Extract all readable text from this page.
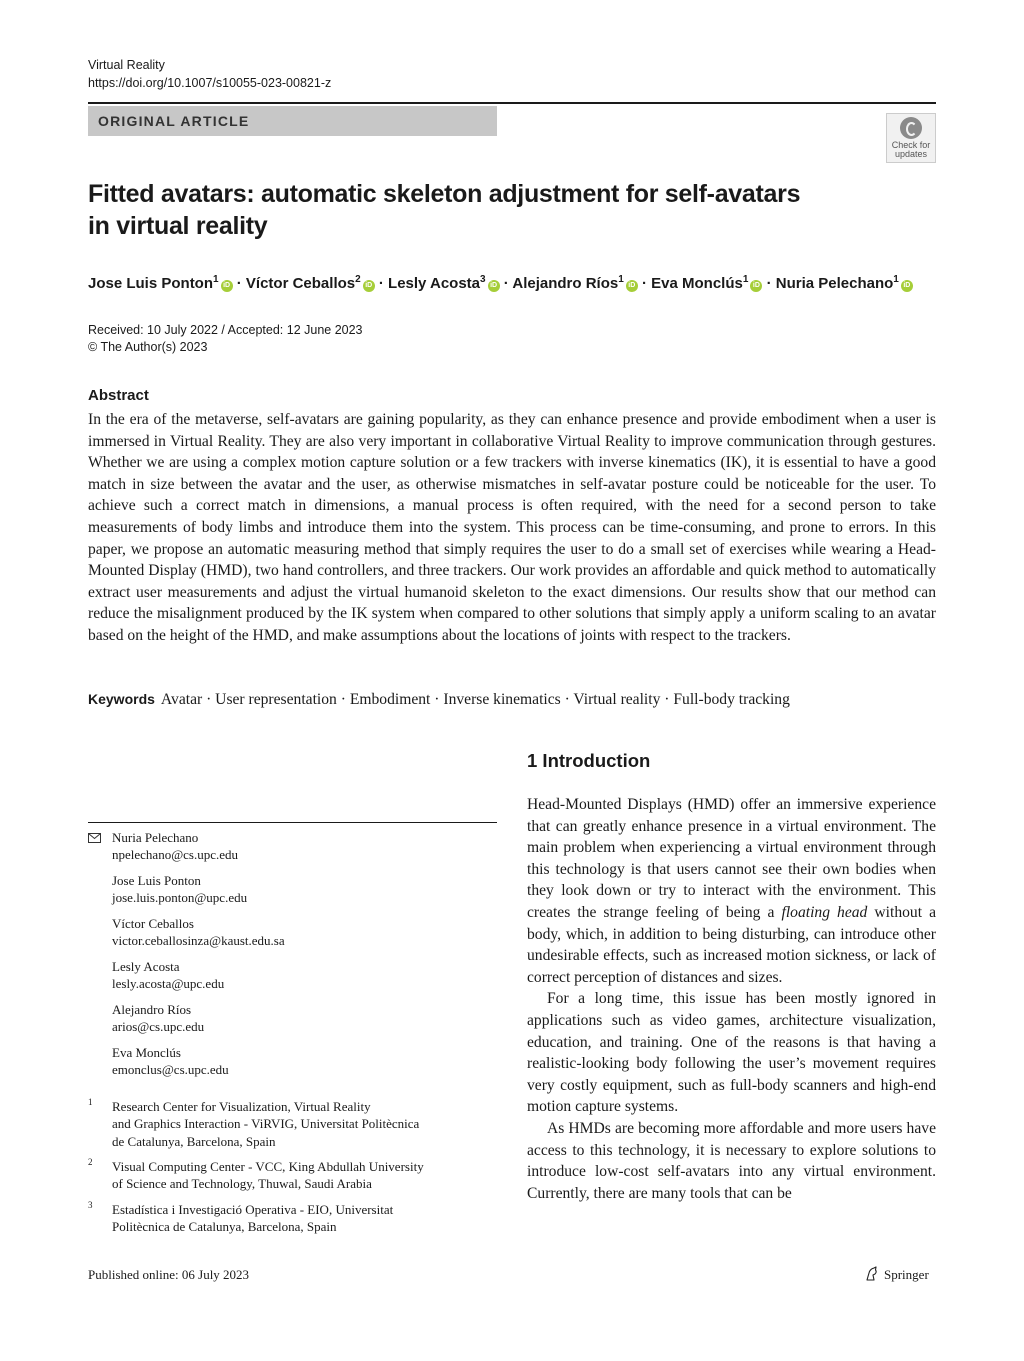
Virtual Reality
https://doi.org/10.1007/s10055-023-00821-z
ORIGINAL ARTICLE
Check for
updates
Fitted avatars: automatic skeleton adjustment for self-avatars
in virtual reality
Jose Luis Ponton$^1$iD · Víctor Ceballos$^2$iD · Lesly Acosta$^3$iD · Alejandro Ríos$^1$iD · Eva Monclús$^1$iD · Nuria Pelechano$^1$iD
Received: 10 July 2022 / Accepted: 12 June 2023
© The Author(s) 2023
Abstract
In the era of the metaverse, self-avatars are gaining popularity, as they can enhance presence and provide embodiment when a user is immersed in Virtual Reality. They are also very important in collaborative Virtual Reality to improve communication through gestures. Whether we are using a complex motion capture solution or a few trackers with inverse kinematics (IK), it is essential to have a good match in size between the avatar and the user, as otherwise mismatches in self-avatar posture could be noticeable for the user. To achieve such a correct match in dimensions, a manual process is often required, with the need for a second person to take measurements of body limbs and introduce them into the system. This process can be time-consuming, and prone to errors. In this paper, we propose an automatic measuring method that simply requires the user to do a small set of exercises while wearing a Head-Mounted Display (HMD), two hand controllers, and three trackers. Our work provides an affordable and quick method to automatically extract user measurements and adjust the virtual humanoid skeleton to the exact dimensions. Our results show that our method can reduce the misalignment produced by the IK system when compared to other solutions that simply apply a uniform scaling to an avatar based on the height of the HMD, and make assumptions about the locations of joints with respect to the trackers.
Keywords Avatar · User representation · Embodiment · Inverse kinematics · Virtual reality · Full-body tracking
1 Introduction

Head-Mounted Displays (HMD) offer an immersive experience that can greatly enhance presence in a virtual environment. The main problem when experiencing a virtual environment through this technology is that users cannot see their own bodies when they look down or try to interact with the environment. This creates the strange feeling of being a floating head without a body, which, in addition to being disturbing, can introduce other undesirable effects, such as increased motion sickness, or lack of correct perception of distances and sizes.

For a long time, this issue has been mostly ignored in applications such as video games, architecture visualization, education, and training. One of the reasons is that having a realistic-looking body following the user’s movement requires very costly equipment, such as full-body scanners and high-end motion capture systems.

As HMDs are becoming more affordable and more users have access to this technology, it is necessary to explore solutions to introduce low-cost self-avatars into any virtual environment. Currently, there are many tools that can be

Nuria Pelechano
npelechano@cs.upc.edu
Jose Luis Ponton
jose.luis.ponton@upc.edu
Víctor Ceballos
victor.ceballosinza@kaust.edu.sa
Lesly Acosta
lesly.acosta@upc.edu
Alejandro Ríos
arios@cs.upc.edu
Eva Monclús
emonclus@cs.upc.edu
1 Research Center for Visualization, Virtual Reality
and Graphics Interaction - ViRVIG, Universitat Politècnica
de Catalunya, Barcelona, Spain
2 Visual Computing Center - VCC, King Abdullah University
of Science and Technology, Thuwal, Saudi Arabia
3 Estadística i Investigació Operativa - EIO, Universitat
Politècnica de Catalunya, Barcelona, Spain
Published online: 06 July 2023	Springer
